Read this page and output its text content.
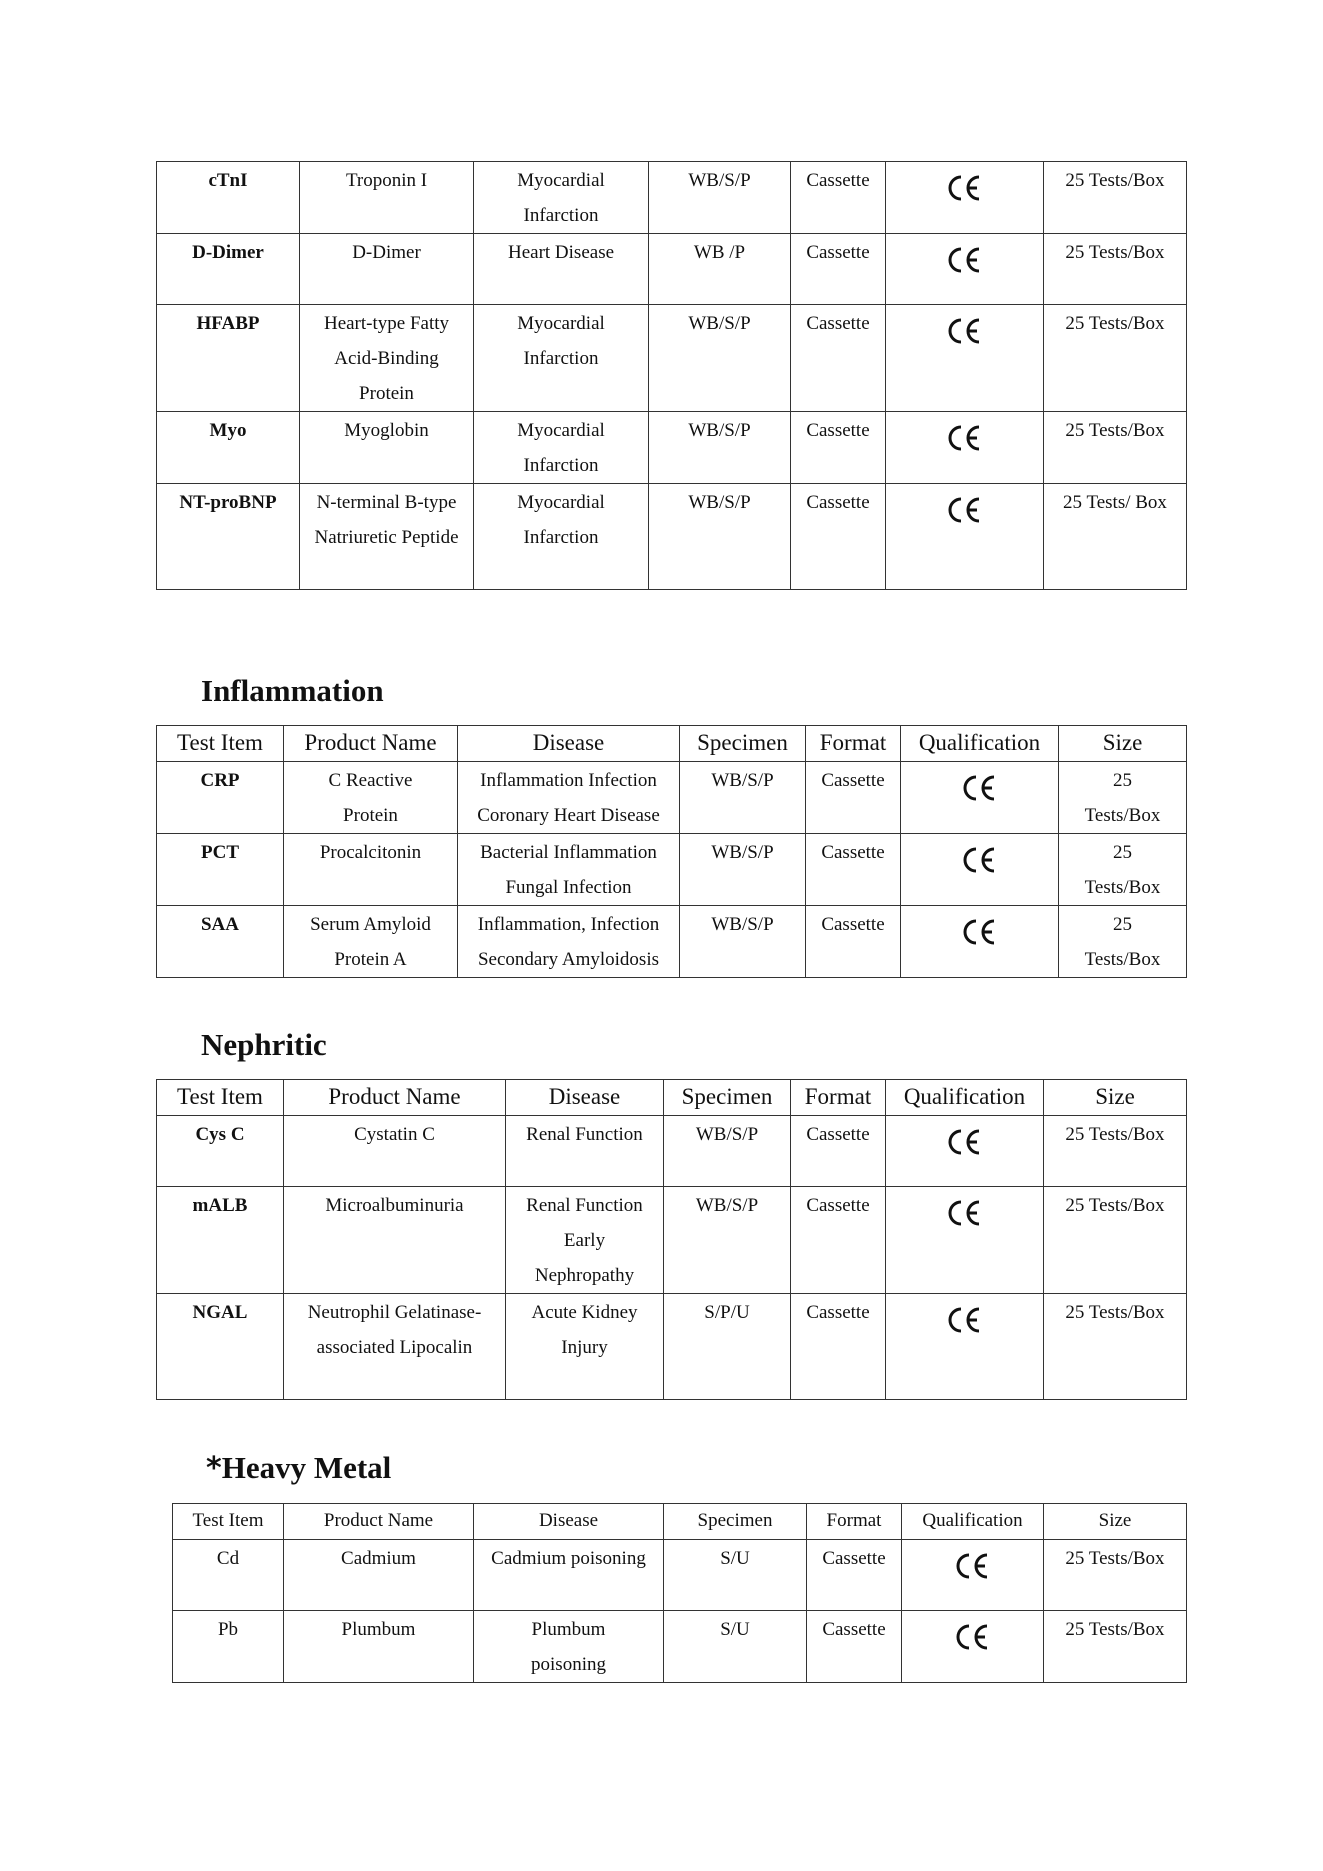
cTnI	Troponin I	Myocardial Infarction	WB/S/P	Cassette		25 Tests/Box
D-Dimer	D-Dimer	Heart Disease	WB /P	Cassette		25 Tests/Box
HFABP	Heart-type Fatty Acid-Binding Protein	Myocardial Infarction	WB/S/P	Cassette		25 Tests/Box
Myo	Myoglobin	Myocardial Infarction	WB/S/P	Cassette		25 Tests/Box
NT-proBNP	N-terminal B-type Natriuretic Peptide	Myocardial Infarction	WB/S/P	Cassette		25 Tests/ Box
Inflammation
Test Item	Product Name	Disease	Specimen	Format	Qualification	Size
CRP	C Reactive Protein	Inflammation Infection Coronary Heart Disease	WB/S/P	Cassette		25 Tests/Box
PCT	Procalcitonin	Bacterial Inflammation Fungal Infection	WB/S/P	Cassette		25 Tests/Box
SAA	Serum Amyloid Protein A	Inflammation, Infection Secondary Amyloidosis	WB/S/P	Cassette		25 Tests/Box
Nephritic
Test Item	Product Name	Disease	Specimen	Format	Qualification	Size
Cys C	Cystatin C	Renal Function	WB/S/P	Cassette		25 Tests/Box
mALB	Microalbuminuria	Renal Function Early Nephropathy	WB/S/P	Cassette		25 Tests/Box
NGAL	Neutrophil Gelatinase-associated Lipocalin	Acute Kidney Injury	S/P/U	Cassette		25 Tests/Box
*Heavy Metal
Test Item	Product Name	Disease	Specimen	Format	Qualification	Size
Cd	Cadmium	Cadmium poisoning	S/U	Cassette		25 Tests/Box
Pb	Plumbum	Plumbum poisoning	S/U	Cassette		25 Tests/Box
